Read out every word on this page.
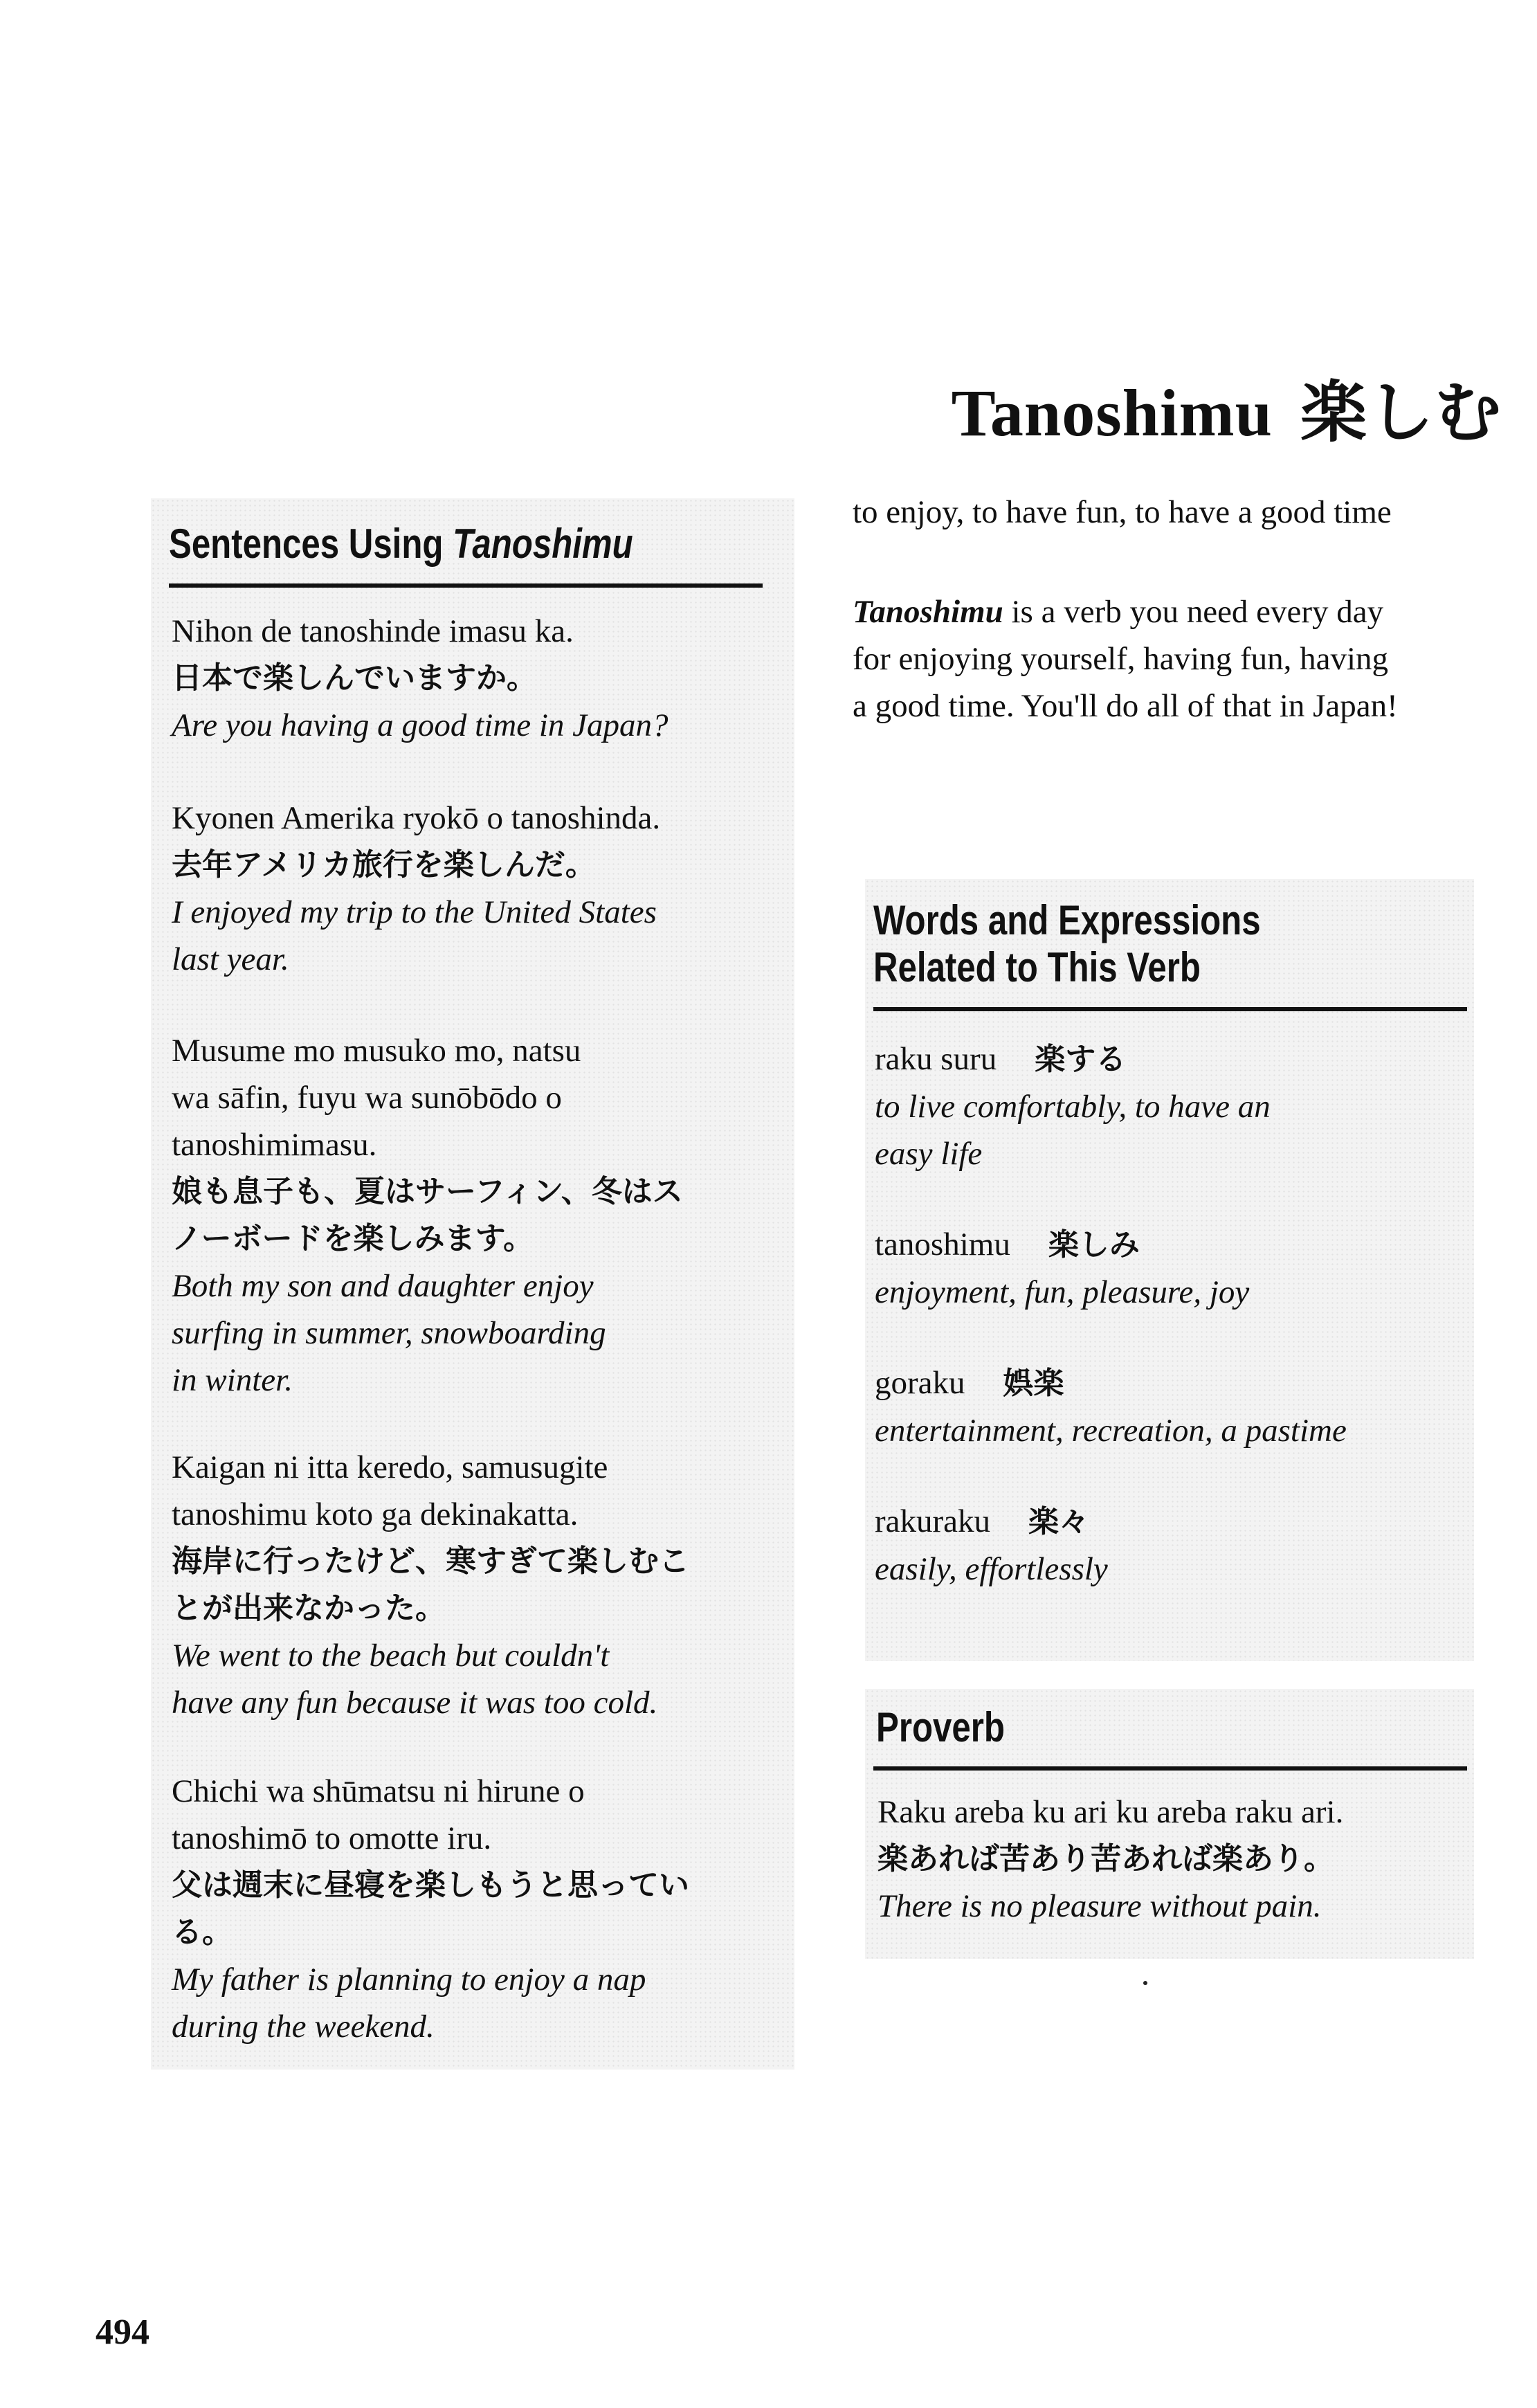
Tanoshimu 楽しむ
to enjoy, to have fun, to have a good time
Tanoshimu is a verb you need every day
for enjoying yourself, having fun, having
a good time. You'll do all of that in Japan!
Sentences Using Tanoshimu
Nihon de tanoshinde imasu ka.
日本で楽しんでいますか。
Are you having a good time in Japan?
Kyonen Amerika ryokō o tanoshinda.
去年アメリカ旅行を楽しんだ。
I enjoyed my trip to the United States
last year.
Musume mo musuko mo, natsu
wa sāfin, fuyu wa sunōbōdo o
tanoshimimasu.
娘も息子も、夏はサーフィン、冬はス
ノーボードを楽しみます。
Both my son and daughter enjoy
surfing in summer, snowboarding
in winter.
Kaigan ni itta keredo, samusugite
tanoshimu koto ga dekinakatta.
海岸に行ったけど、寒すぎて楽しむこ
とが出来なかった。
We went to the beach but couldn't
have any fun because it was too cold.
Chichi wa shūmatsu ni hirune o
tanoshimō to omotte iru.
父は週末に昼寝を楽しもうと思ってい
る。
My father is planning to enjoy a nap
during the weekend.
Words and Expressions
Related to This Verb
raku suru 楽する
to live comfortably, to have an
easy life
tanoshimu 楽しみ
enjoyment, fun, pleasure, joy
goraku 娯楽
entertainment, recreation, a pastime
rakuraku 楽々
easily, effortlessly
Proverb
Raku areba ku ari ku areba raku ari.
楽あれば苦あり苦あれば楽あり。
There is no pleasure without pain.
494
